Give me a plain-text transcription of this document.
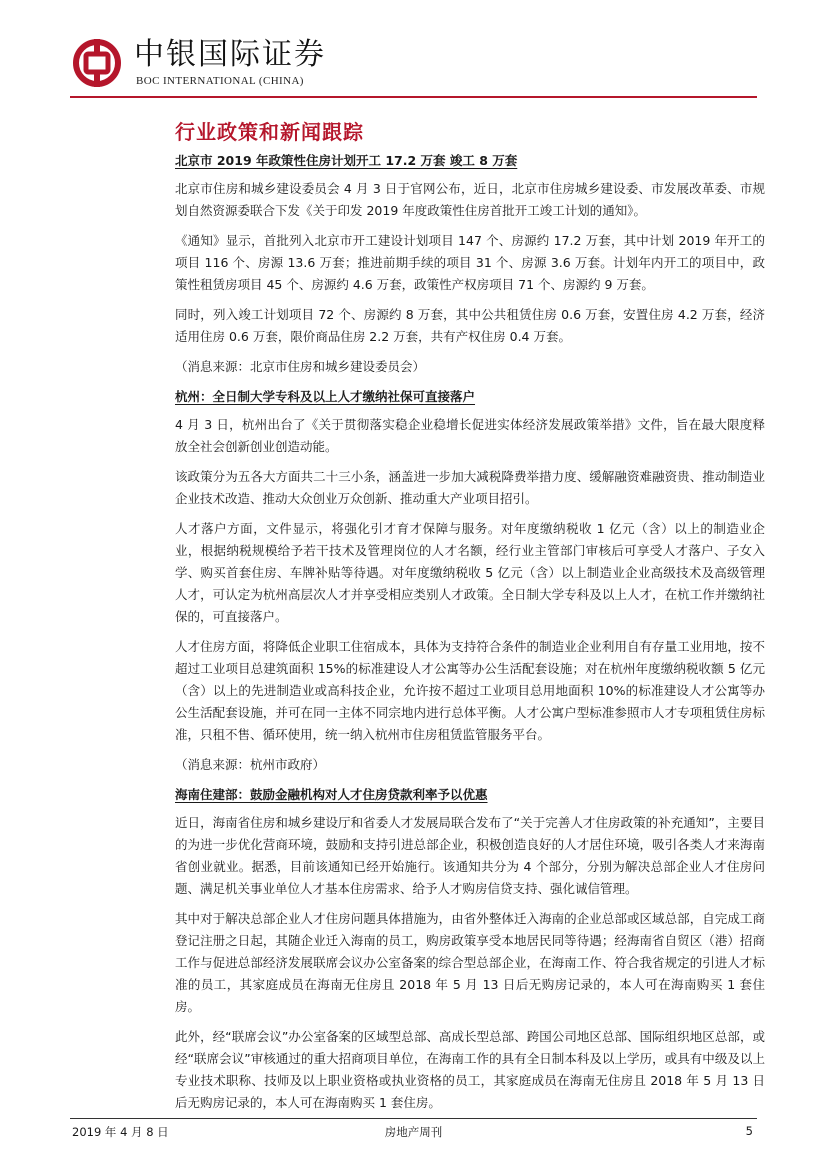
中银国际证券
BOC INTERNATIONAL (CHINA)
行业政策和新闻跟踪
北京市 2019 年政策性住房计划开工 17.2 万套 竣工 8 万套

北京市住房和城乡建设委员会 4 月 3 日于官网公布，近日，北京市住房城乡建设委、市发展改革委、市规划自然资源委联合下发《关于印发 2019 年度政策性住房首批开工竣工计划的通知》。

《通知》显示，首批列入北京市开工建设计划项目 147 个、房源约 17.2 万套，其中计划 2019 年开工的项目 116 个、房源 13.6 万套；推进前期手续的项目 31 个、房源 3.6 万套。计划年内开工的项目中，政策性租赁房项目 45 个、房源约 4.6 万套，政策性产权房项目 71 个、房源约 9 万套。

同时，列入竣工计划项目 72 个、房源约 8 万套，其中公共租赁住房 0.6 万套，安置住房 4.2 万套，经济适用住房 0.6 万套，限价商品住房 2.2 万套，共有产权住房 0.4 万套。

（消息来源：北京市住房和城乡建设委员会）

杭州：全日制大学专科及以上人才缴纳社保可直接落户

4 月 3 日，杭州出台了《关于贯彻落实稳企业稳增长促进实体经济发展政策举措》文件，旨在最大限度释放全社会创新创业创造动能。

该政策分为五各大方面共二十三小条，涵盖进一步加大减税降费举措力度、缓解融资难融资贵、推动制造业企业技术改造、推动大众创业万众创新、推动重大产业项目招引。

人才落户方面，文件显示，将强化引才育才保障与服务。对年度缴纳税收 1 亿元（含）以上的制造业企业，根据纳税规模给予若干技术及管理岗位的人才名额，经行业主管部门审核后可享受人才落户、子女入学、购买首套住房、车牌补贴等待遇。对年度缴纳税收 5 亿元（含）以上制造业企业高级技术及高级管理人才，可认定为杭州高层次人才并享受相应类别人才政策。全日制大学专科及以上人才，在杭工作并缴纳社保的，可直接落户。

人才住房方面，将降低企业职工住宿成本，具体为支持符合条件的制造业企业利用自有存量工业用地，按不超过工业项目总建筑面积 15%的标准建设人才公寓等办公生活配套设施；对在杭州年度缴纳税收额 5 亿元（含）以上的先进制造业或高科技企业，允许按不超过工业项目总用地面积 10%的标准建设人才公寓等办公生活配套设施，并可在同一主体不同宗地内进行总体平衡。人才公寓户型标准参照市人才专项租赁住房标准，只租不售、循环使用，统一纳入杭州市住房租赁监管服务平台。

（消息来源：杭州市政府）

海南住建部：鼓励金融机构对人才住房贷款利率予以优惠

近日，海南省住房和城乡建设厅和省委人才发展局联合发布了“关于完善人才住房政策的补充通知”，主要目的为进一步优化营商环境，鼓励和支持引进总部企业，积极创造良好的人才居住环境，吸引各类人才来海南省创业就业。据悉，目前该通知已经开始施行。该通知共分为 4 个部分，分别为解决总部企业人才住房问题、满足机关事业单位人才基本住房需求、给予人才购房信贷支持、强化诚信管理。

其中对于解决总部企业人才住房问题具体措施为，由省外整体迁入海南的企业总部或区域总部，自完成工商登记注册之日起，其随企业迁入海南的员工，购房政策享受本地居民同等待遇；经海南省自贸区（港）招商工作与促进总部经济发展联席会议办公室备案的综合型总部企业，在海南工作、符合我省规定的引进人才标准的员工，其家庭成员在海南无住房且 2018 年 5 月 13 日后无购房记录的，本人可在海南购买 1 套住房。

此外，经“联席会议”办公室备案的区域型总部、高成长型总部、跨国公司地区总部、国际组织地区总部，或经“联席会议”审核通过的重大招商项目单位，在海南工作的具有全日制本科及以上学历，或具有中级及以上专业技术职称、技师及以上职业资格或执业资格的员工，其家庭成员在海南无住房且 2018 年 5 月 13 日后无购房记录的，本人可在海南购买 1 套住房。

2019 年 4 月 8 日	房地产周刊	5
